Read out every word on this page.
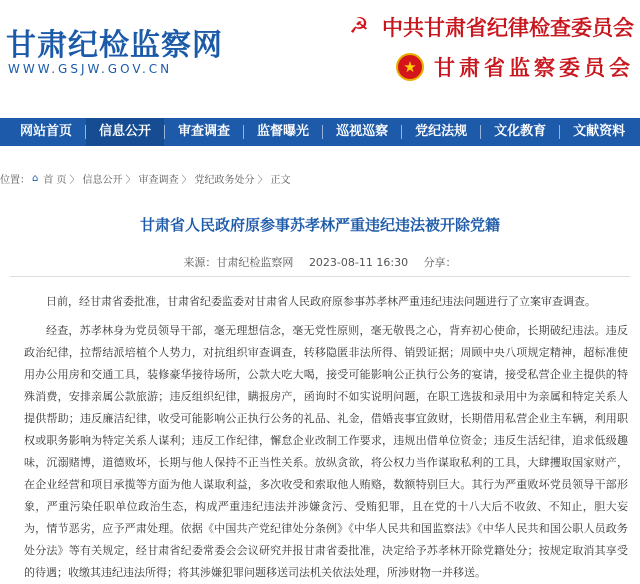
甘肃纪检监察网
WWW.GSJW.GOV.CN
☭ 中共甘肃省纪律检查委员会
★ 甘肃省监察委员会
网站首页	信息公开	审查调查	监督曝光	巡视巡察	党纪法规	文化教育	文献资料
位置： ⌂ 首 页 〉 信息公开 〉 审查调查 〉 党纪政务处分 〉 正文
甘肃省人民政府原参事苏孝林严重违纪违法被开除党籍
来源：甘肃纪检监察网 2023-08-11 16:30 分享：

日前，经甘肃省委批准，甘肃省纪委监委对甘肃省人民政府原参事苏孝林严重违纪违法问题进行了立案审查调查。

经查，苏孝林身为党员领导干部，毫无理想信念，毫无党性原则，毫无敬畏之心，背弃初心使命，长期破纪违法。违反政治纪律，拉帮结派培植个人势力，对抗组织审查调查，转移隐匿非法所得、销毁证据；周顾中央八项规定精神，超标准使用办公用房和交通工具，装修豪华接待场所，公款大吃大喝，接受可能影响公正执行公务的宴请，接受私营企业主提供的特殊消费，安排亲属公款旅游；违反组织纪律，瞒报房产，函询时不如实说明问题，在职工选拔和录用中为亲属和特定关系人提供帮助；违反廉洁纪律，收受可能影响公正执行公务的礼品、礼金，借婚丧事宜敛财，长期借用私营企业主车辆，利用职权或职务影响为特定关系人谋利；违反工作纪律，懈怠企业改制工作要求，违规出借单位资金；违反生活纪律，追求低级趣味，沉溺赌博，道德败坏，长期与他人保持不正当性关系。放纵贪欲，将公权力当作谋取私利的工具，大肆攫取国家财产，在企业经营和项目承揽等方面为他人谋取利益，多次收受和索取他人贿赂，数额特别巨大。其行为严重败坏党员领导干部形象，严重污染任职单位政治生态，构成严重违纪违法并涉嫌贪污、受贿犯罪，且在党的十八大后不收敛、不知止，胆大妄为，情节恶劣，应予严肃处理。依据《中国共产党纪律处分条例》《中华人民共和国监察法》《中华人民共和国公职人员政务处分法》等有关规定，经甘肃省纪委常委会会议研究并报甘肃省委批准，决定给予苏孝林开除党籍处分；按规定取消其享受的待遇；收缴其违纪违法所得；将其涉嫌犯罪问题移送司法机关依法处理，所涉财物一并移送。
